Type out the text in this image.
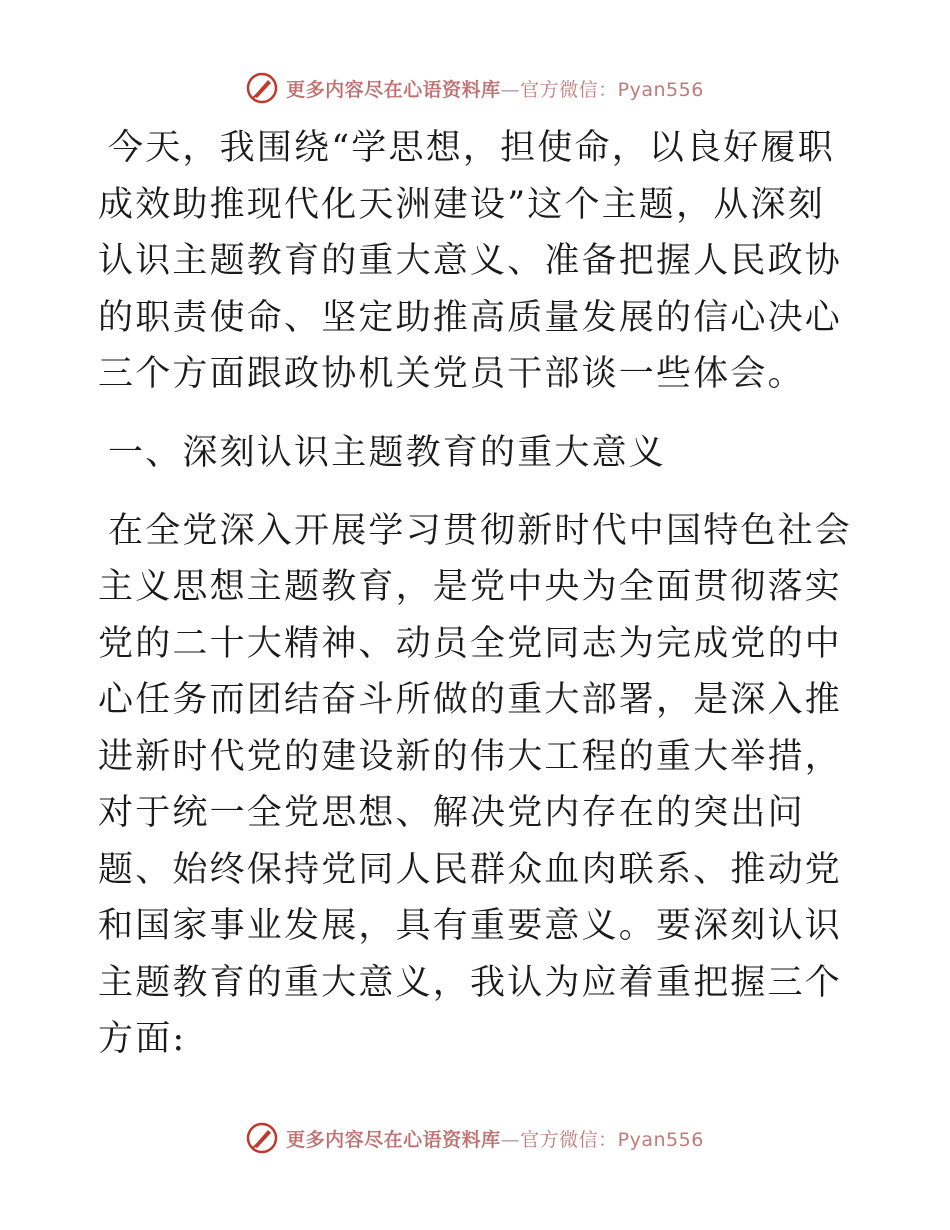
更多内容尽在心语资料库—官方微信：Pyan556

今天，我围绕“学思想，担使命，以良好履职成效助推现代化天洲建设”这个主题，从深刻认识主题教育的重大意义、准备把握人民政协的职责使命、坚定助推高质量发展的信心决心三个方面跟政协机关党员干部谈一些体会。

一、深刻认识主题教育的重大意义

在全党深入开展学习贯彻新时代中国特色社会主义思想主题教育，是党中央为全面贯彻落实党的二十大精神、动员全党同志为完成党的中心任务而团结奋斗所做的重大部署，是深入推进新时代党的建设新的伟大工程的重大举措，对于统一全党思想、解决党内存在的突出问题、始终保持党同人民群众血肉联系、推动党和国家事业发展，具有重要意义。要深刻认识主题教育的重大意义，我认为应着重把握三个方面:

更多内容尽在心语资料库—官方微信：Pyan556
